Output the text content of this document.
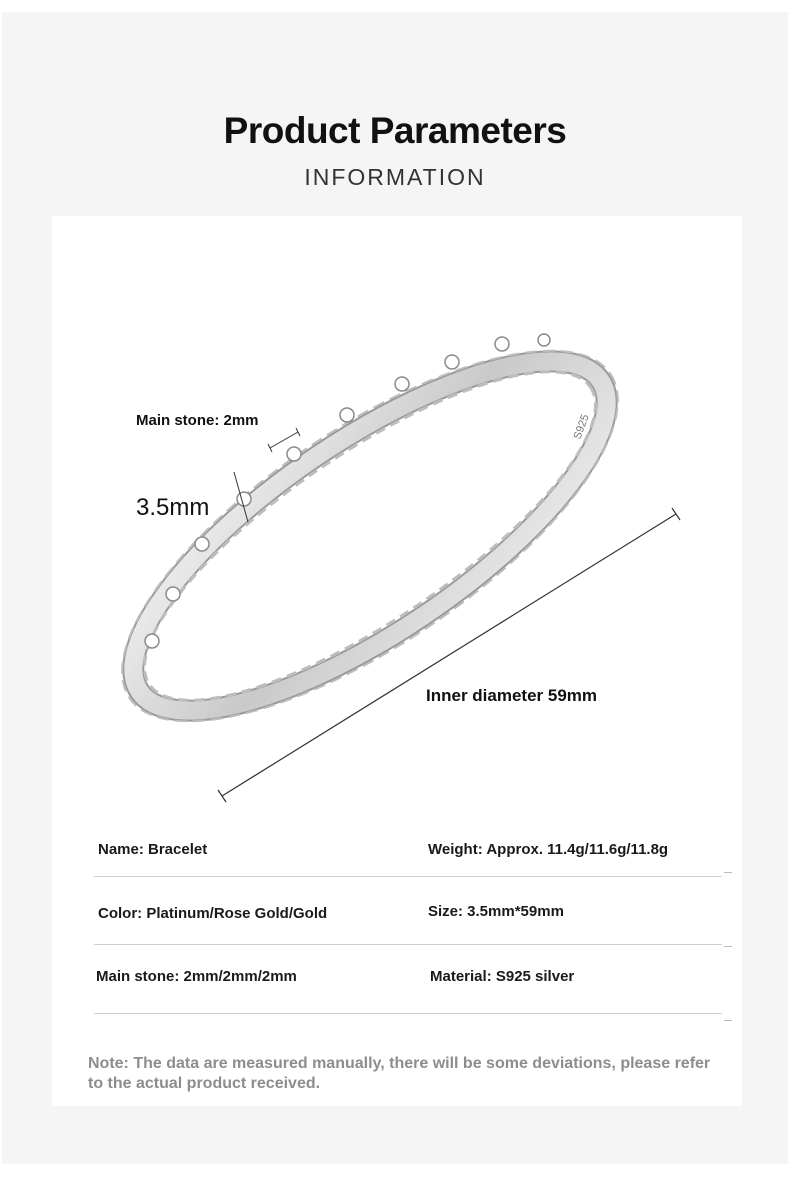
Product Parameters
INFORMATION
S925
Main stone: 2mm
3.5mm
Inner diameter 59mm
Name: Bracelet	Weight: Approx. 11.4g/11.6g/11.8g
Color: Platinum/Rose Gold/Gold	Size: 3.5mm*59mm
Main stone: 2mm/2mm/2mm	Material: S925 silver
Note: The data are measured manually, there will be some deviations, please refer to the actual product received.
